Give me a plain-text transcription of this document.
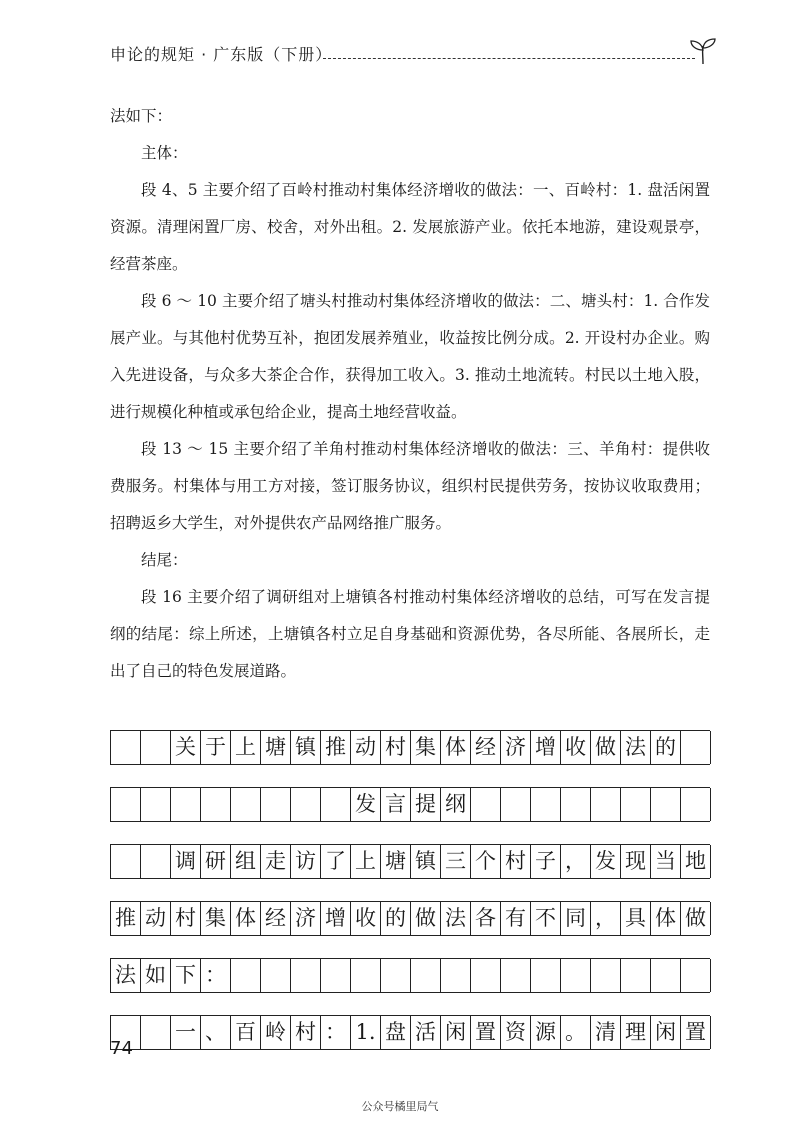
申论的规矩 · 广东版（下册）

法如下：

主体：

段 4、5 主要介绍了百岭村推动村集体经济增收的做法：一、百岭村：1. 盘活闲置资源。清理闲置厂房、校舍，对外出租。2. 发展旅游产业。依托本地游，建设观景亭，经营茶座。

段 6 ～ 10 主要介绍了塘头村推动村集体经济增收的做法：二、塘头村：1. 合作发展产业。与其他村优势互补，抱团发展养殖业，收益按比例分成。2. 开设村办企业。购入先进设备，与众多大茶企合作，获得加工收入。3. 推动土地流转。村民以土地入股，进行规模化种植或承包给企业，提高土地经营收益。

段 13 ～ 15 主要介绍了羊角村推动村集体经济增收的做法：三、羊角村：提供收费服务。村集体与用工方对接，签订服务协议，组织村民提供劳务，按协议收取费用；招聘返乡大学生，对外提供农产品网络推广服务。

结尾：

段 16 主要介绍了调研组对上塘镇各村推动村集体经济增收的总结，可写在发言提纲的结尾：综上所述，上塘镇各村立足自身基础和资源优势，各尽所能、各展所长，走出了自己的特色发展道路。

关 于 上 塘 镇 推 动 村 集 体 经 济 增 收 做 法 的
发 言 提 纲
调 研 组 走 访 了 上 塘 镇 三 个 村 子 ， 发 现 当 地
推 动 村 集 体 经 济 增 收 的 做 法 各 有 不 同 ， 具 体 做
法 如 下 ：
一 、 百 岭 村 ： 1. 盘 活 闲 置 资 源 。 清 理 闲 置
74
公众号橘里局气
